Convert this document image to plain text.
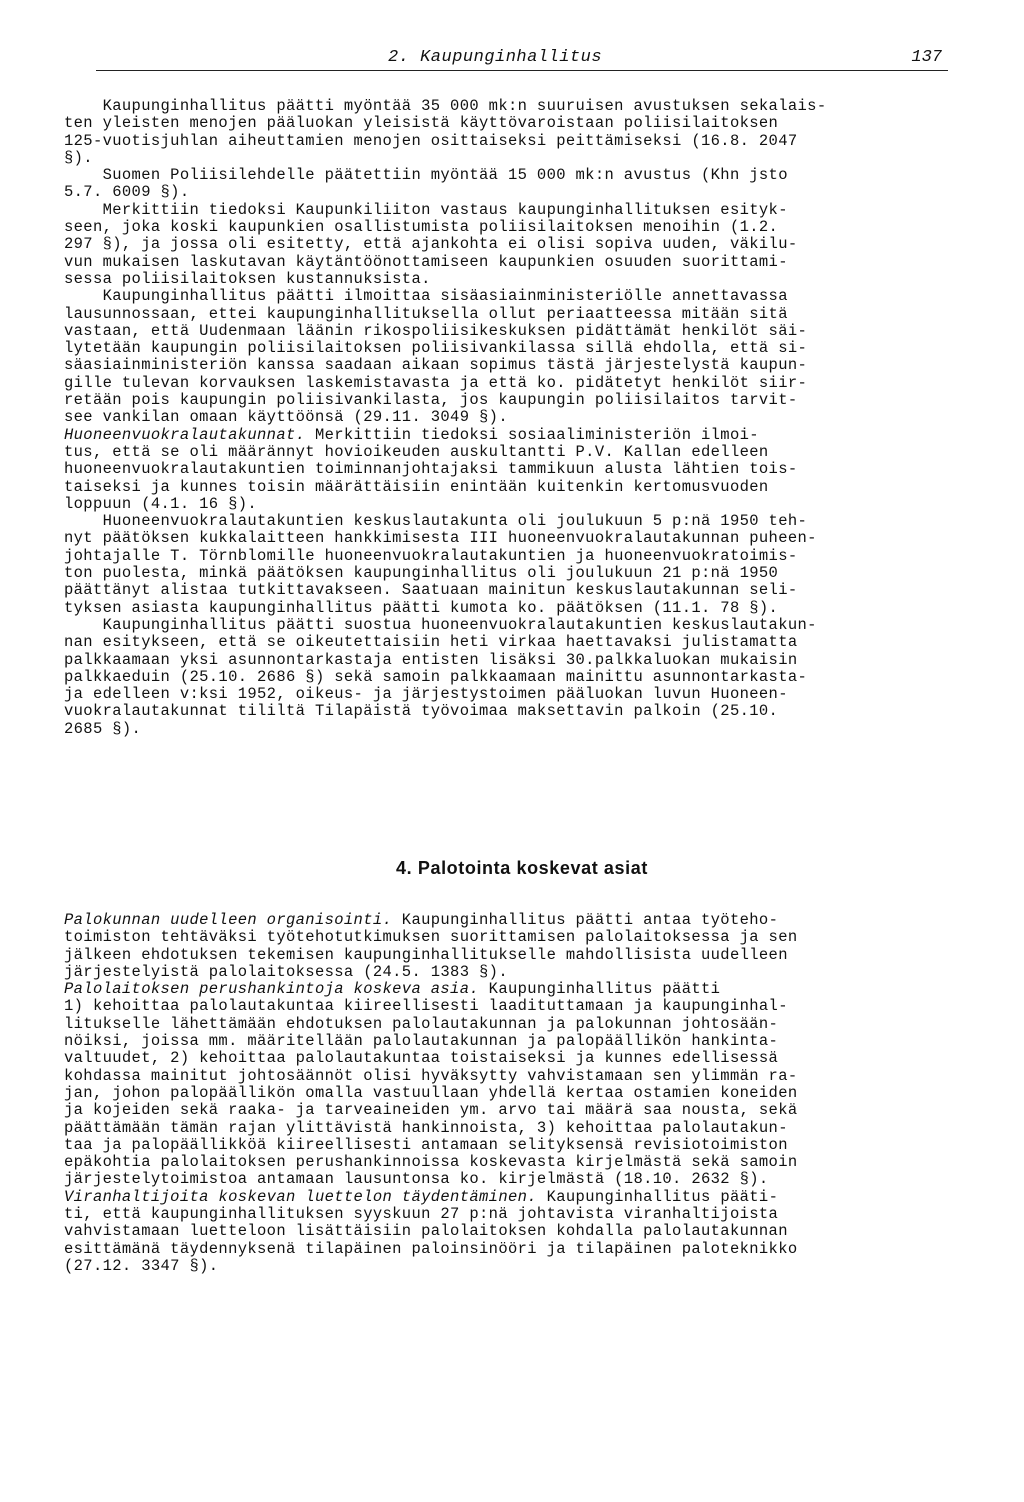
2. Kaupunginhallitus	137
Kaupunginhallitus päätti myöntää 35 000 mk:n suuruisen avustuksen sekalais-
ten yleisten menojen pääluokan yleisistä käyttövaroistaan poliisilaitoksen
125-vuotisjuhlan aiheuttamien menojen osittaiseksi peittämiseksi (16.8. 2047
§).
Suomen Poliisilehdelle päätettiin myöntää 15 000 mk:n avustus (Khn jsto
5.7. 6009 §).
Merkittiin tiedoksi Kaupunkiliiton vastaus kaupunginhallituksen esityk-
seen, joka koski kaupunkien osallistumista poliisilaitoksen menoihin (1.2.
297 §), ja jossa oli esitetty, että ajankohta ei olisi sopiva uuden, väkilu-
vun mukaisen laskutavan käytäntöönottamiseen kaupunkien osuuden suorittami-
sessa poliisilaitoksen kustannuksista.
Kaupunginhallitus päätti ilmoittaa sisäasiainministeriölle annettavassa
lausunnossaan, ettei kaupunginhallituksella ollut periaatteessa mitään sitä
vastaan, että Uudenmaan läänin rikospoliisikeskuksen pidättämät henkilöt säi-
lytetään kaupungin poliisilaitoksen poliisivankilassa sillä ehdolla, että si-
säasiainministeriön kanssa saadaan aikaan sopimus tästä järjestelystä kaupun-
gille tulevan korvauksen laskemistavasta ja että ko. pidätetyt henkilöt siir-
retään pois kaupungin poliisivankilasta, jos kaupungin poliisilaitos tarvit-
see vankilan omaan käyttöönsä (29.11. 3049 §).
Huoneenvuokralautakunnat. Merkittiin tiedoksi sosiaaliministeriön ilmoi-
tus, että se oli määrännyt hovioikeuden auskultantti P.V. Kallan edelleen
huoneenvuokralautakuntien toiminnanjohtajaksi tammikuun alusta lähtien tois-
taiseksi ja kunnes toisin määrättäisiin enintään kuitenkin kertomusvuoden
loppuun (4.1. 16 §).
Huoneenvuokralautakuntien keskuslautakunta oli joulukuun 5 p:nä 1950 teh-
nyt päätöksen kukkalaitteen hankkimisesta III huoneenvuokralautakunnan puheen-
johtajalle T. Törnblomille huoneenvuokralautakuntien ja huoneenvuokratoimis-
ton puolesta, minkä päätöksen kaupunginhallitus oli joulukuun 21 p:nä 1950
päättänyt alistaa tutkittavakseen. Saatuaan mainitun keskuslautakunnan seli-
tyksen asiasta kaupunginhallitus päätti kumota ko. päätöksen (11.1. 78 §).
Kaupunginhallitus päätti suostua huoneenvuokralautakuntien keskuslautakun-
nan esitykseen, että se oikeutettaisiin heti virkaa haettavaksi julistamatta
palkkaamaan yksi asunnontarkastaja entisten lisäksi 30.palkkaluokan mukaisin
palkkaeduin (25.10. 2686 §) sekä samoin palkkaamaan mainittu asunnontarkasta-
ja edelleen v:ksi 1952, oikeus- ja järjestystoimen pääluokan luvun Huoneen-
vuokralautakunnat tililtä Tilapäistä työvoimaa maksettavin palkoin (25.10.
2685 §).
4. Palotointa koskevat asiat
Palokunnan uudelleen organisointi. Kaupunginhallitus päätti antaa työteho-
toimiston tehtäväksi työtehotutkimuksen suorittamisen palolaitoksessa ja sen
jälkeen ehdotuksen tekemisen kaupunginhallitukselle mahdollisista uudelleen
järjestelyistä palolaitoksessa (24.5. 1383 §).
Palolaitoksen perushankintoja koskeva asia. Kaupunginhallitus päätti
1) kehoittaa palolautakuntaa kiireellisesti laadituttamaan ja kaupunginhal-
litukselle lähettämään ehdotuksen palolautakunnan ja palokunnan johtosään-
nöiksi, joissa mm. määritellään palolautakunnan ja palopäällikön hankinta-
valtuudet, 2) kehoittaa palolautakuntaa toistaiseksi ja kunnes edellisessä
kohdassa mainitut johtosäännöt olisi hyväksytty vahvistamaan sen ylimmän ra-
jan, johon palopäällikön omalla vastuullaan yhdellä kertaa ostamien koneiden
ja kojeiden sekä raaka- ja tarveaineiden ym. arvo tai määrä saa nousta, sekä
päättämään tämän rajan ylittävistä hankinnoista, 3) kehoittaa palolautakun-
taa ja palopäällikköä kiireellisesti antamaan selityksensä revisiotoimiston
epäkohtia palolaitoksen perushankinnoissa koskevasta kirjelmästä sekä samoin
järjestelytoimistoa antamaan lausuntonsa ko. kirjelmästä (18.10. 2632 §).
Viranhaltijoita koskevan luettelon täydentäminen. Kaupunginhallitus pääti-
ti, että kaupunginhallituksen syyskuun 27 p:nä johtavista viranhaltijoista
vahvistamaan luetteloon lisättäisiin palolaitoksen kohdalla palolautakunnan
esittämänä täydennyksenä tilapäinen paloinsinööri ja tilapäinen paloteknikko
(27.12. 3347 §).
